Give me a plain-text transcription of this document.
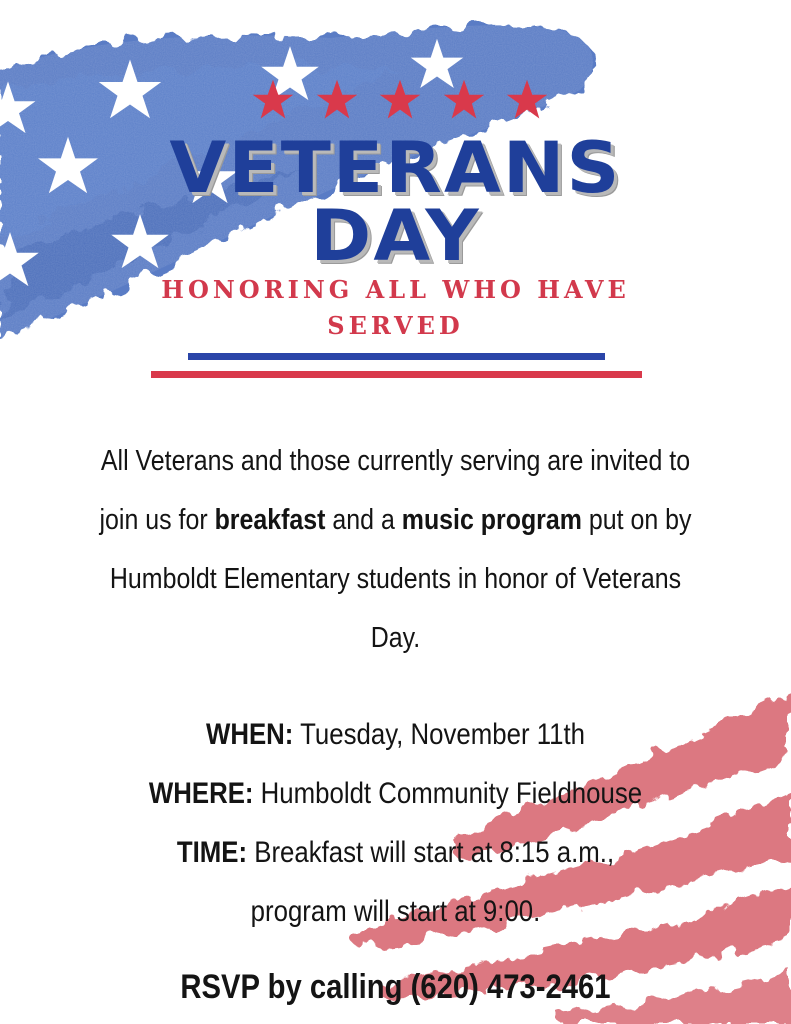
VETERANS
DAY
HONORING ALL WHO HAVE
SERVED
All Veterans and those currently serving are invited to join us for breakfast and a music program put on by Humboldt Elementary students in honor of Veterans Day.
WHEN: Tuesday, November 11th
WHERE: Humboldt Community Fieldhouse
TIME: Breakfast will start at 8:15 a.m.,
program will start at 9:00.
RSVP by calling (620) 473-2461
